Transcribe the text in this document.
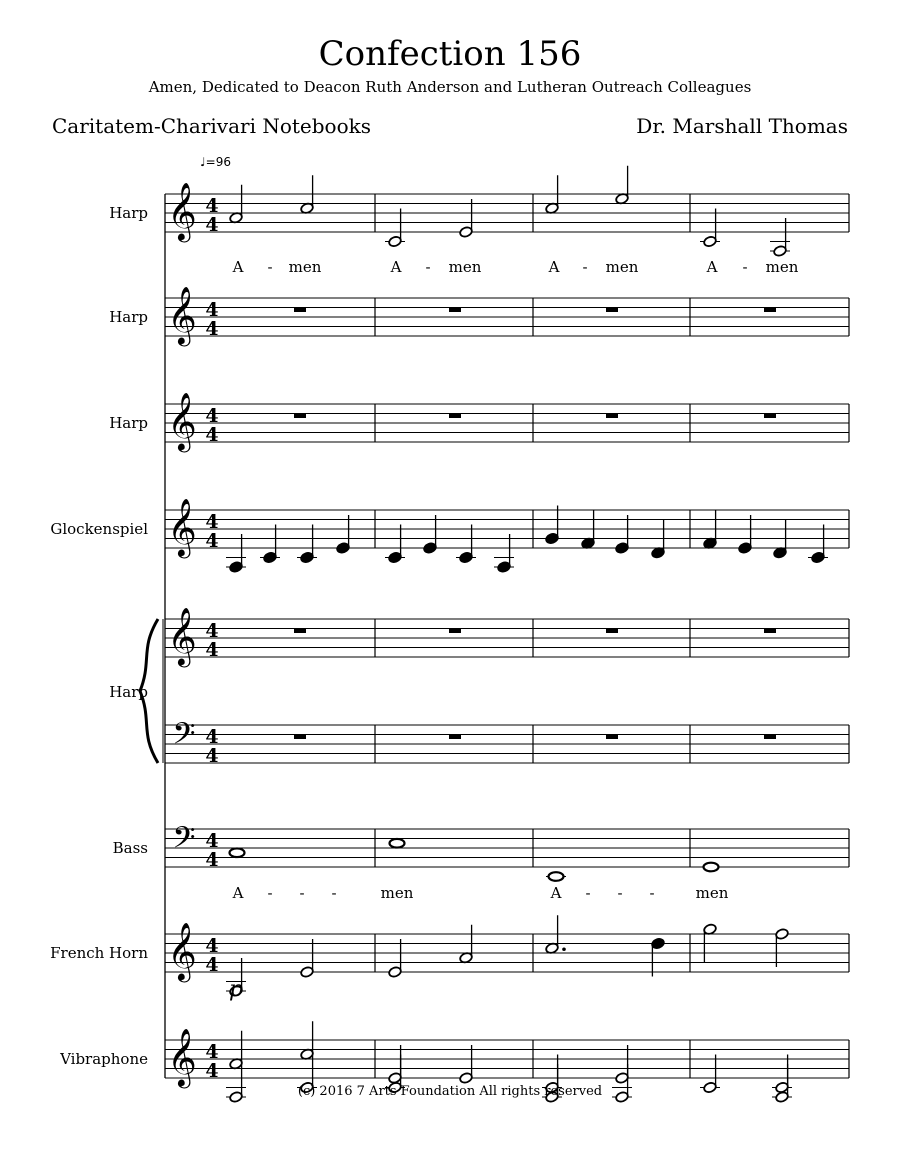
Confection 156
Amen, Dedicated to Deacon Ruth Anderson and Lutheran Outreach Colleagues
Caritatem-Charivari Notebooks	Dr. Marshall Thomas
♩=96
𝄞 4
4
Harp
A - men	A - men	A - men	A - men
𝄞 4
4
Harp
𝄞 4
4
Harp
𝄞 4
4
Glockenspiel
𝄞 4
4
𝄢 4
4
Harp
𝄢 4
4
Bass
A - - -	men	A - - -	men
𝄞 4
4
French Horn
p
𝄞 4
4
Vibraphone
(c) 2016 7 Arts Foundation All rights reserved
